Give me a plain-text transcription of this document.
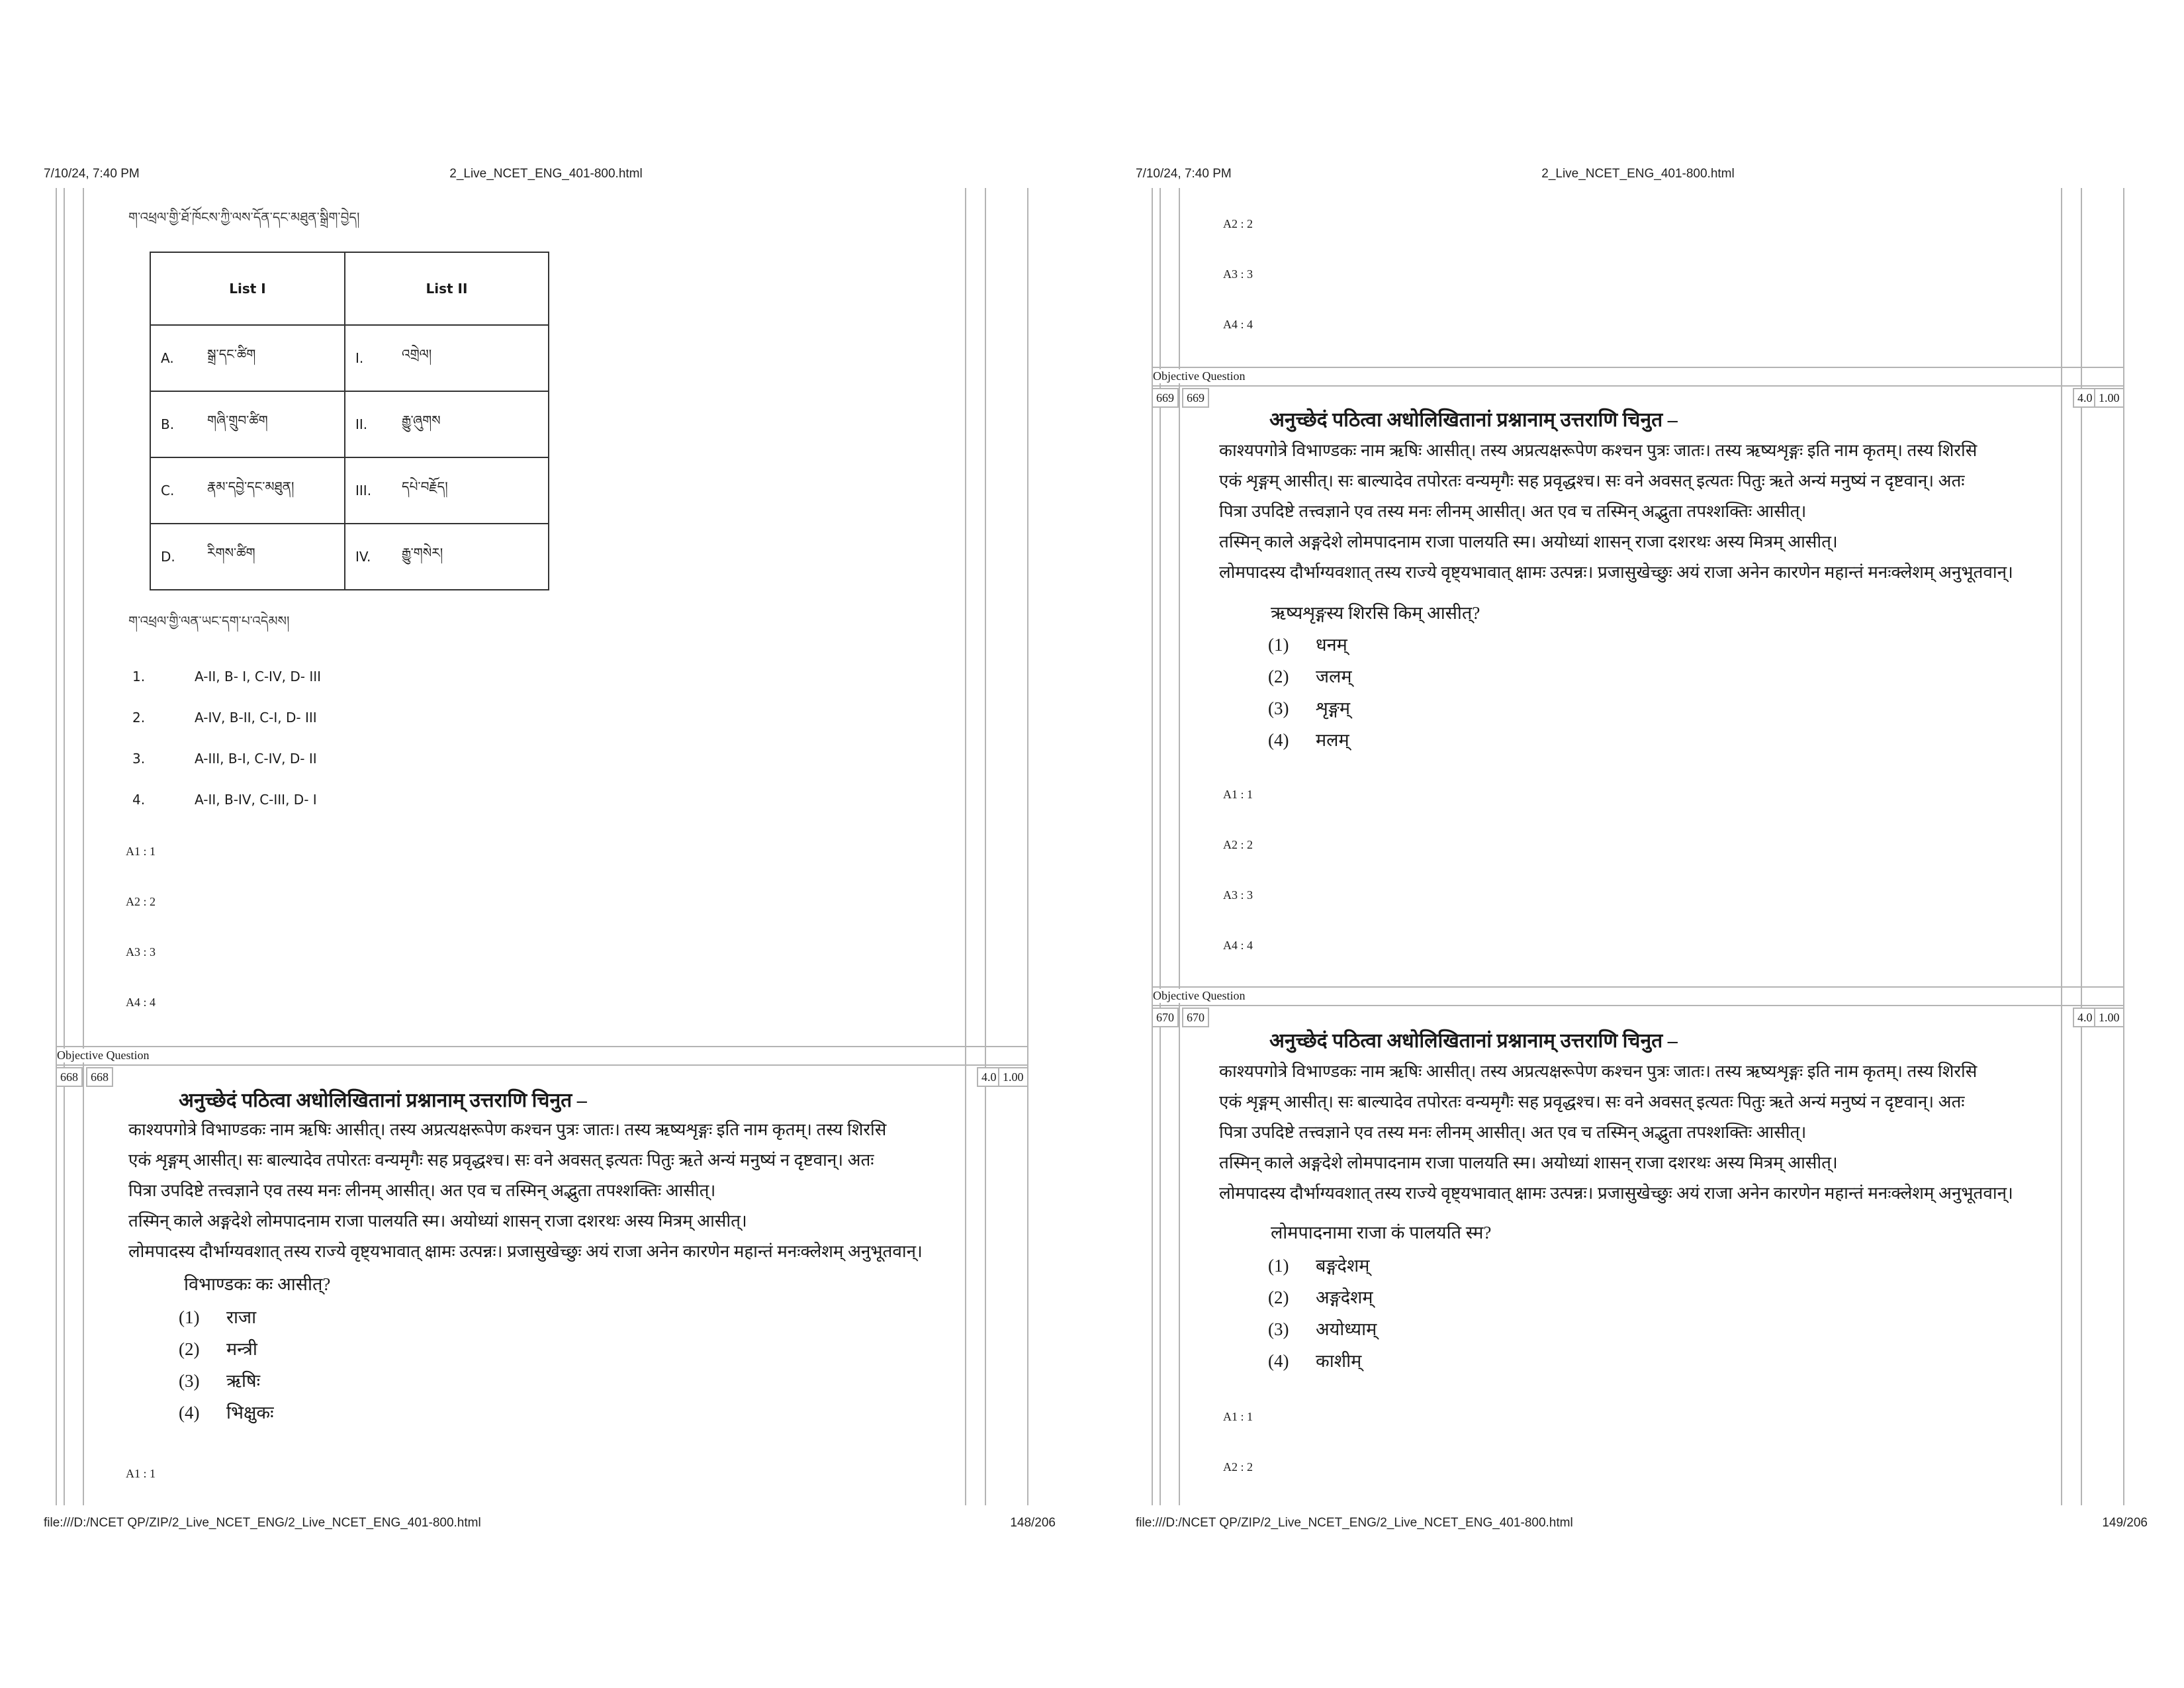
7/10/24, 7:40 PM	2_Live_NCET_ENG_401-800.html
ག་འཕྲལ་གྱི་ཐོ་ཁོངས་ཀྱི་ལས་དོན་དང་མཐུན་སྒྲིག་བྱེད།
List I	List II

A. སྒྲ་དང་ཚིག	I. འགྲེལ།

B. གཞི་གྲུབ་ཚིག	II. རྒྱུ་ཞུགས

C. རྣམ་དབྱེ་དང་མཐུན།	III. དཔེ་བརྗོད།

D. རིགས་ཚིག	IV. རྒྱུ་གསེར།
ག་འཕྲལ་གྱི་ལན་ཡང་དག་པ་འདེམས།
1.	A-II, B- I, C-IV, D- III
2.	A-IV, B-II, C-I, D- III
3.	A-III, B-I, C-IV, D- II
4.	A-II, B-IV, C-III, D- I
A1 : 1
A2 : 2
A3 : 3
A4 : 4
Objective Question
668	668	4.0 1.00
अनुच्छेदं पठित्वा अधोलिखितानां प्रश्नानाम् उत्तराणि चिनुत –

काश्यपगोत्रे विभाण्डकः नाम ऋषिः आसीत्। तस्य अप्रत्यक्षरूपेण कश्चन पुत्रः जातः। तस्य ऋष्यशृङ्गः इति नाम कृतम्। तस्य शिरसि

एकं शृङ्गम् आसीत्। सः बाल्यादेव तपोरतः वन्यमृगैः सह प्रवृद्धश्च। सः वने अवसत् इत्यतः पितुः ऋते अन्यं मनुष्यं न दृष्टवान्। अतः

पित्रा उपदिष्टे तत्त्वज्ञाने एव तस्य मनः लीनम् आसीत्। अत एव च तस्मिन् अद्भुता तपश्शक्तिः आसीत्।

तस्मिन् काले अङ्गदेशे लोमपादनाम राजा पालयति स्म। अयोध्यां शासन् राजा दशरथः अस्य मित्रम् आसीत्।

लोमपादस्य दौर्भाग्यवशात् तस्य राज्ये वृष्ट्यभावात् क्षामः उत्पन्नः। प्रजासुखेच्छुः अयं राजा अनेन कारणेन महान्तं मनःक्लेशम् अनुभूतवान्।

विभाण्डकः कः आसीत्?
(1) राजा
(2) मन्त्री
(3) ऋषिः
(4) भिक्षुकः
A1 : 1
file:///D:/NCET QP/ZIP/2_Live_NCET_ENG/2_Live_NCET_ENG_401-800.html	148/206
7/10/24, 7:40 PM	2_Live_NCET_ENG_401-800.html
A2 : 2
A3 : 3
A4 : 4
Objective Question
669	669	4.0 1.00
अनुच्छेदं पठित्वा अधोलिखितानां प्रश्नानाम् उत्तराणि चिनुत –

काश्यपगोत्रे विभाण्डकः नाम ऋषिः आसीत्। तस्य अप्रत्यक्षरूपेण कश्चन पुत्रः जातः। तस्य ऋष्यशृङ्गः इति नाम कृतम्। तस्य शिरसि

एकं शृङ्गम् आसीत्। सः बाल्यादेव तपोरतः वन्यमृगैः सह प्रवृद्धश्च। सः वने अवसत् इत्यतः पितुः ऋते अन्यं मनुष्यं न दृष्टवान्। अतः

पित्रा उपदिष्टे तत्त्वज्ञाने एव तस्य मनः लीनम् आसीत्। अत एव च तस्मिन् अद्भुता तपश्शक्तिः आसीत्।

तस्मिन् काले अङ्गदेशे लोमपादनाम राजा पालयति स्म। अयोध्यां शासन् राजा दशरथः अस्य मित्रम् आसीत्।

लोमपादस्य दौर्भाग्यवशात् तस्य राज्ये वृष्ट्यभावात् क्षामः उत्पन्नः। प्रजासुखेच्छुः अयं राजा अनेन कारणेन महान्तं मनःक्लेशम् अनुभूतवान्।

ऋष्यशृङ्गस्य शिरसि किम् आसीत्?
(1) धनम्
(2) जलम्
(3) शृङ्गम्
(4) मलम्
A1 : 1
A2 : 2
A3 : 3
A4 : 4
Objective Question
670	670	4.0 1.00
अनुच्छेदं पठित्वा अधोलिखितानां प्रश्नानाम् उत्तराणि चिनुत –

काश्यपगोत्रे विभाण्डकः नाम ऋषिः आसीत्। तस्य अप्रत्यक्षरूपेण कश्चन पुत्रः जातः। तस्य ऋष्यशृङ्गः इति नाम कृतम्। तस्य शिरसि

एकं शृङ्गम् आसीत्। सः बाल्यादेव तपोरतः वन्यमृगैः सह प्रवृद्धश्च। सः वने अवसत् इत्यतः पितुः ऋते अन्यं मनुष्यं न दृष्टवान्। अतः

पित्रा उपदिष्टे तत्त्वज्ञाने एव तस्य मनः लीनम् आसीत्। अत एव च तस्मिन् अद्भुता तपश्शक्तिः आसीत्।

तस्मिन् काले अङ्गदेशे लोमपादनाम राजा पालयति स्म। अयोध्यां शासन् राजा दशरथः अस्य मित्रम् आसीत्।

लोमपादस्य दौर्भाग्यवशात् तस्य राज्ये वृष्ट्यभावात् क्षामः उत्पन्नः। प्रजासुखेच्छुः अयं राजा अनेन कारणेन महान्तं मनःक्लेशम् अनुभूतवान्।

लोमपादनामा राजा कं पालयति स्म?
(1) बङ्गदेशम्
(2) अङ्गदेशम्
(3) अयोध्याम्
(4) काशीम्
A1 : 1
A2 : 2
file:///D:/NCET QP/ZIP/2_Live_NCET_ENG/2_Live_NCET_ENG_401-800.html	149/206
